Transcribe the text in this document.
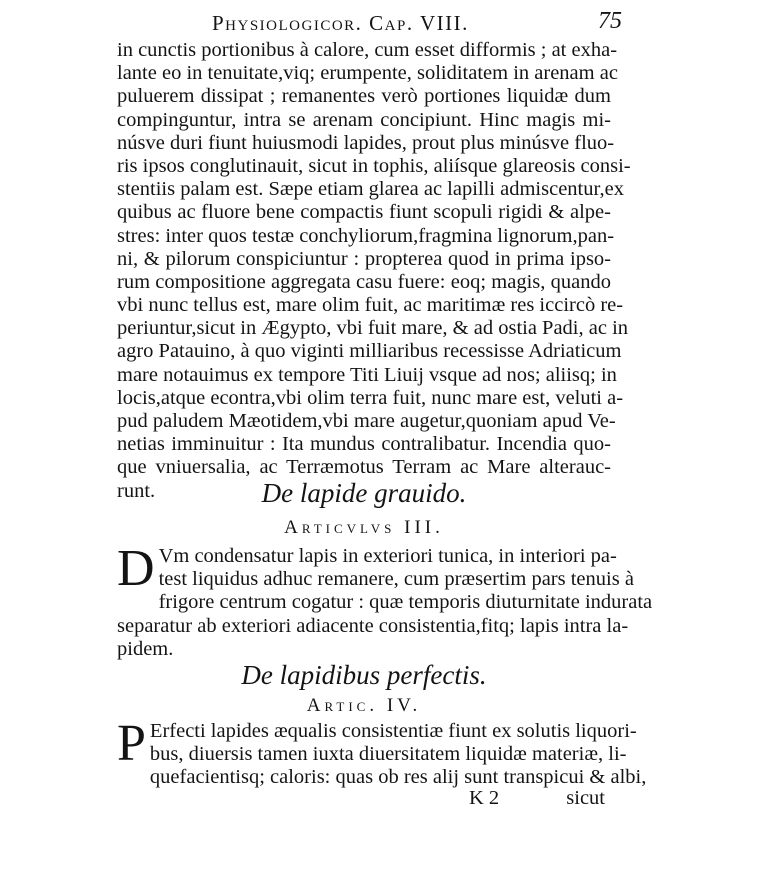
Physiologicor. Cap. VIII.	75
in cunctis portionibus à calore, cum esset difformis ; at exha-
lante eo in tenuitate,viq; erumpente, soliditatem in arenam ac
puluerem dissipat ; remanentes verò portiones liquidæ dum
compinguntur, intra se arenam concipiunt. Hinc magis mi-
núsve duri fiunt huiusmodi lapides, prout plus minúsve fluo-
ris ipsos conglutinauit, sicut in tophis, aliísque glareosis consi-
stentiis palam est. Sæpe etiam glarea ac lapilli admiscentur,ex
quibus ac fluore bene compactis fiunt scopuli rigidi & alpe-
stres: inter quos testæ conchyliorum,fragmina lignorum,pan-
ni, & pilorum conspiciuntur : propterea quod in prima ipso-
rum compositione aggregata casu fuere: eoq; magis, quando
vbi nunc tellus est, mare olim fuit, ac maritimæ res iccircò re-
periuntur,sicut in Ægypto, vbi fuit mare, & ad ostia Padi, ac in
agro Patauino, à quo viginti milliaribus recessisse Adriaticum
mare notauimus ex tempore Titi Liuij vsque ad nos; aliisq; in
locis,atque econtra,vbi olim terra fuit, nunc mare est, veluti a-
pud paludem Mæotidem,vbi mare augetur,quoniam apud Ve-
netias imminuitur : Ita mundus contralibatur. Incendia quo-
que vniuersalia, ac Terræmotus Terram ac Mare alterauc-
runt.	De lapide grauido.
Articvlvs III.
D Vm condensatur lapis in exteriori tunica, in interiori pa-
test liquidus adhuc remanere, cum præsertim pars tenuis à
frigore centrum cogatur : quæ temporis diuturnitate indurata
separatur ab exteriori adiacente consistentia,fitq; lapis intra la-
pidem.
De lapidibus perfectis.
Artic. IV.
P Erfecti lapides æqualis consistentiæ fiunt ex solutis liquori-
bus, diuersis tamen iuxta diuersitatem liquidæ materiæ, li-
quefacientisq; caloris: quas ob res alij sunt transpicui & albi,
K 2	sicut
